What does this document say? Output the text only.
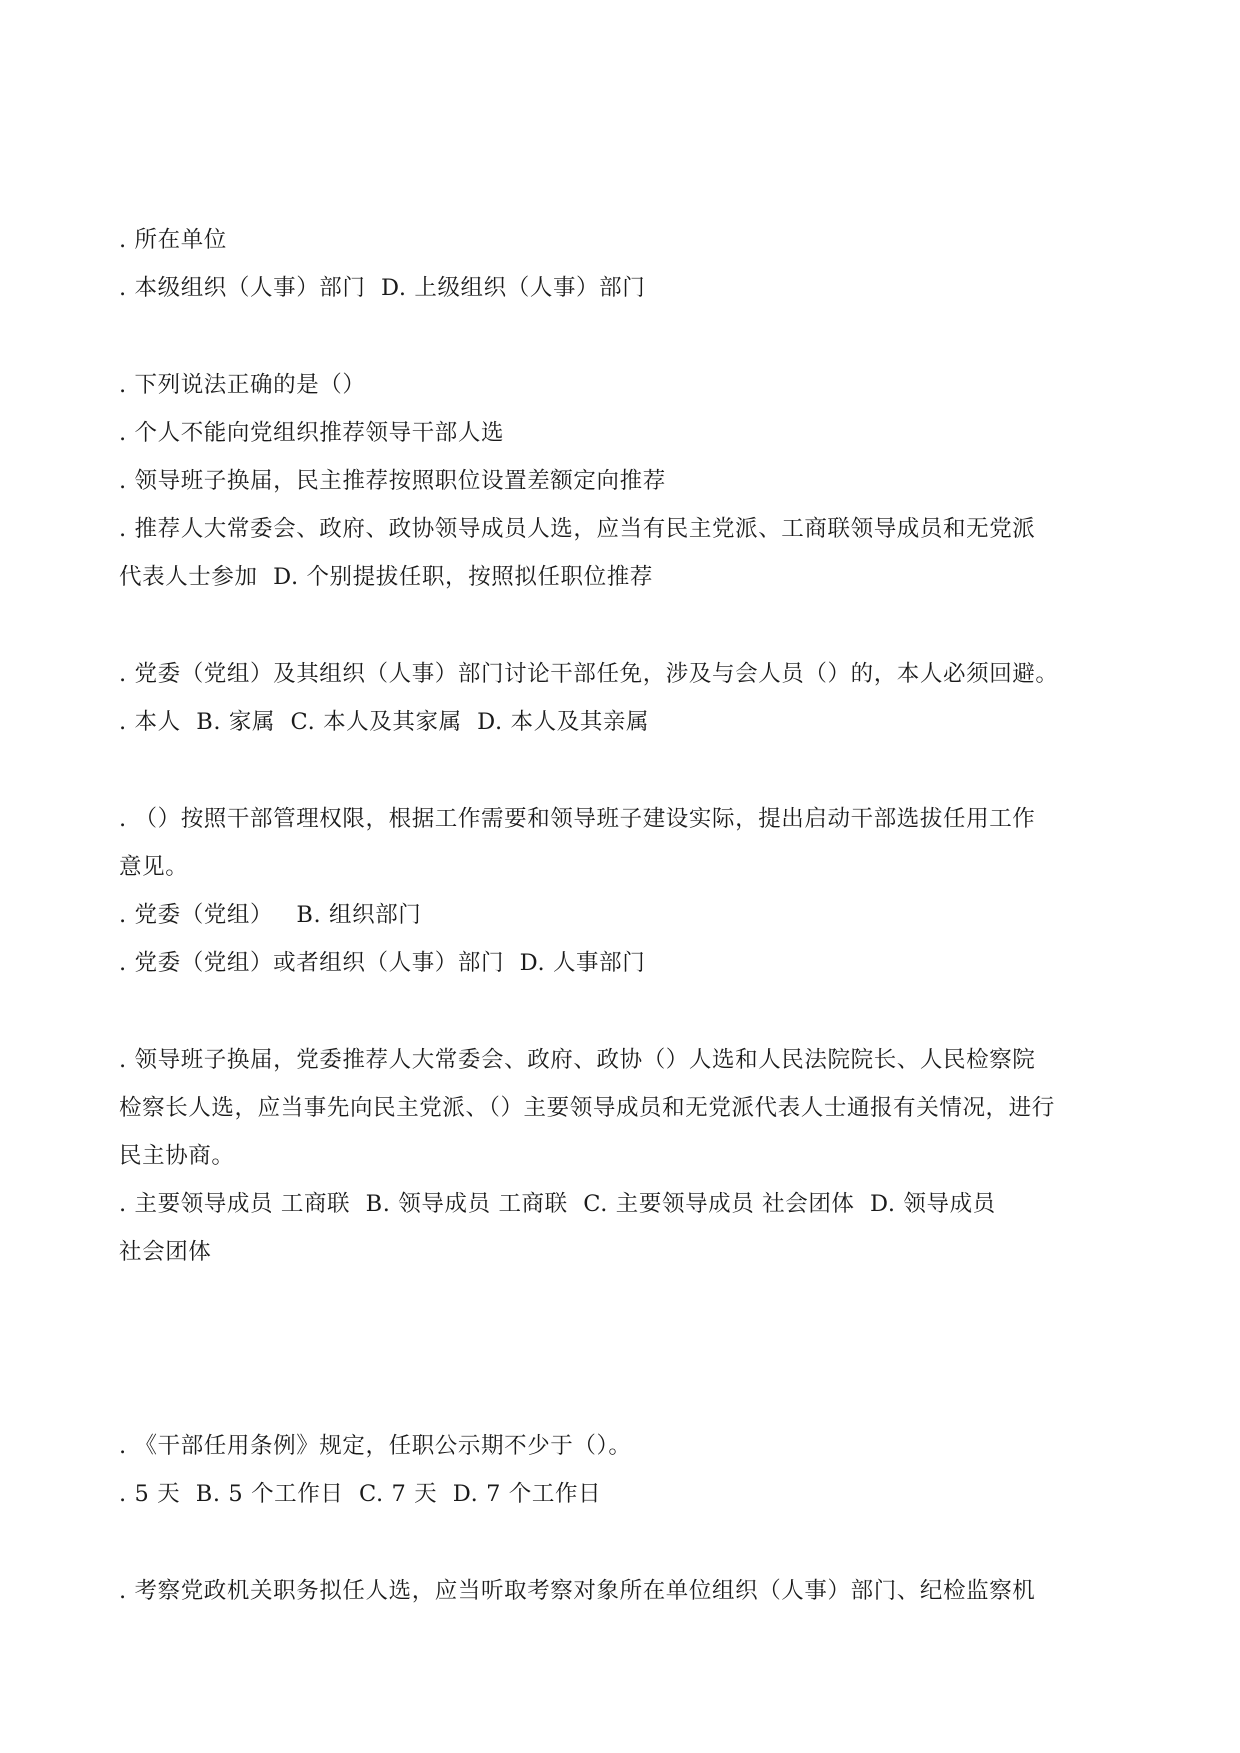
. 所在单位
. 本级组织（人事）部门  D. 上级组织（人事）部门
. 下列说法正确的是（）
. 个人不能向党组织推荐领导干部人选
. 领导班子换届，民主推荐按照职位设置差额定向推荐
. 推荐人大常委会、政府、政协领导成员人选，应当有民主党派、工商联领导成员和无党派
代表人士参加  D. 个别提拔任职，按照拟任职位推荐
. 党委（党组）及其组织（人事）部门讨论干部任免，涉及与会人员（）的，本人必须回避。
. 本人  B. 家属  C. 本人及其家属  D. 本人及其亲属
. （）按照干部管理权限，根据工作需要和领导班子建设实际，提出启动干部选拔任用工作
意见。
. 党委（党组）   B. 组织部门
. 党委（党组）或者组织（人事）部门  D. 人事部门
. 领导班子换届，党委推荐人大常委会、政府、政协（）人选和人民法院院长、人民检察院
检察长人选，应当事先向民主党派、（）主要领导成员和无党派代表人士通报有关情况，进行
民主协商。
. 主要领导成员 工商联  B. 领导成员 工商联  C. 主要领导成员 社会团体  D. 领导成员
社会团体
. 《干部任用条例》规定，任职公示期不少于（）。
. 5 天  B. 5 个工作日  C. 7 天  D. 7 个工作日
. 考察党政机关职务拟任人选，应当听取考察对象所在单位组织（人事）部门、纪检监察机
